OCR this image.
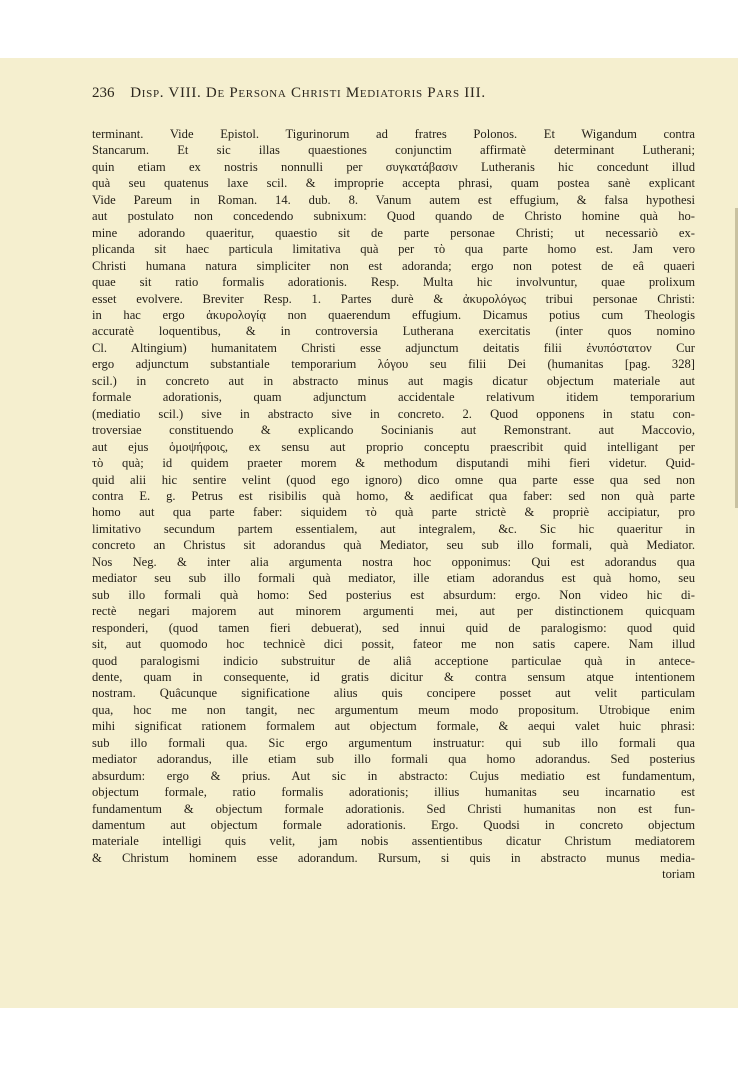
236 Disp. VIII. De Persona Christi Mediatoris Pars III.
terminant. Vide Epistol. Tigurinorum ad fratres Polonos. Et Wigandum contra
Stancarum. Et sic illas quaestiones conjunctim affirmatè determinant Lutherani;
quin etiam ex nostris nonnulli per συγκατάβασιν Lutheranis hic concedunt illud
quà seu quatenus laxe scil. & improprie accepta phrasi, quam postea sanè explicant
Vide Pareum in Roman. 14. dub. 8. Vanum autem est effugium, & falsa hypothesi
aut postulato non concedendo subnixum: Quod quando de Christo homine quà ho-
mine adorando quaeritur, quaestio sit de parte personae Christi; ut necessariò ex-
plicanda sit haec particula limitativa quà per τὸ qua parte homo est. Jam vero
Christi humana natura simpliciter non est adoranda; ergo non potest de eâ quaeri
quae sit ratio formalis adorationis. Resp. Multa hic involvuntur, quae prolixum
esset evolvere. Breviter Resp. 1. Partes durè & ἀκυρολόγως tribui personae Christi:
in hac ergo ἀκυρολογίᾳ non quaerendum effugium. Dicamus potius cum Theologis
accuratè loquentibus, & in controversia Lutherana exercitatis (inter quos nomino
Cl. Altingium) humanitatem Christi esse adjunctum deitatis filii ἐνυπόστατον Cur
ergo adjunctum substantiale temporarium λόγου seu filii Dei (humanitas [pag. 328]
scil.) in concreto aut in abstracto minus aut magis dicatur objectum materiale aut
formale adorationis, quam adjunctum accidentale relativum itidem temporarium
(mediatio scil.) sive in abstracto sive in concreto. 2. Quod opponens in statu con-
troversiae constituendo & explicando Socinianis aut Remonstrant. aut Maccovio,
aut ejus ὁμοψήφοις, ex sensu aut proprio conceptu praescribit quid intelligant per
τὸ quà; id quidem praeter morem & methodum disputandi mihi fieri videtur. Quid-
quid alii hic sentire velint (quod ego ignoro) dico omne qua parte esse qua sed non
contra E. g. Petrus est risibilis quà homo, & aedificat qua faber: sed non quà parte
homo aut qua parte faber: siquidem τὸ quà parte strictè & propriè accipiatur, pro
limitativo secundum partem essentialem, aut integralem, &c. Sic hic quaeritur in
concreto an Christus sit adorandus quà Mediator, seu sub illo formali, quà Mediator.
Nos Neg. & inter alia argumenta nostra hoc opponimus: Qui est adorandus qua
mediator seu sub illo formali quà mediator, ille etiam adorandus est quà homo, seu
sub illo formali quà homo: Sed posterius est absurdum: ergo. Non video hic di-
rectè negari majorem aut minorem argumenti mei, aut per distinctionem quicquam
responderi, (quod tamen fieri debuerat), sed innui quid de paralogismo: quod quid
sit, aut quomodo hoc technicè dici possit, fateor me non satis capere. Nam illud
quod paralogismi indicio substruitur de aliâ acceptione particulae quà in antece-
dente, quam in consequente, id gratis dicitur & contra sensum atque intentionem
nostram. Quâcunque significatione alius quis concipere posset aut velit particulam
qua, hoc me non tangit, nec argumentum meum modo propositum. Utrobique enim
mihi significat rationem formalem aut objectum formale, & aequi valet huic phrasi:
sub illo formali qua. Sic ergo argumentum instruatur: qui sub illo formali qua
mediator adorandus, ille etiam sub illo formali qua homo adorandus. Sed posterius
absurdum: ergo & prius. Aut sic in abstracto: Cujus mediatio est fundamentum,
objectum formale, ratio formalis adorationis; illius humanitas seu incarnatio est
fundamentum & objectum formale adorationis. Sed Christi humanitas non est fun-
damentum aut objectum formale adorationis. Ergo. Quodsi in concreto objectum
materiale intelligi quis velit, jam nobis assentientibus dicatur Christum mediatorem
& Christum hominem esse adorandum. Rursum, si quis in abstracto munus media-
toriam
